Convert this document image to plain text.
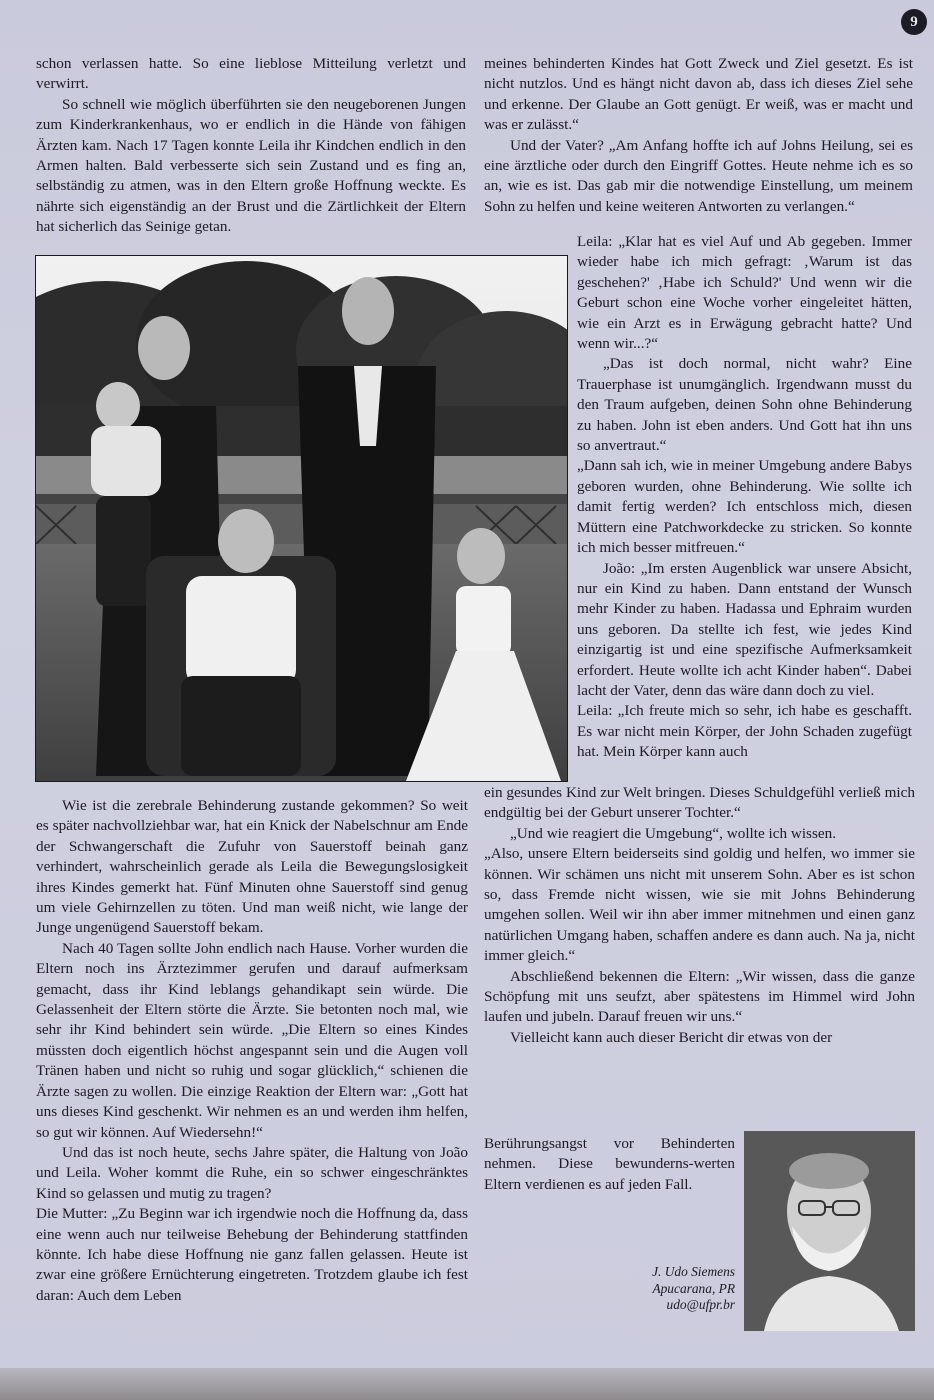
9

schon verlassen hatte. So eine lieblose Mitteilung verletzt und verwirrt.

So schnell wie möglich überführten sie den neugeborenen Jungen zum Kinderkrankenhaus, wo er endlich in die Hände von fähigen Ärzten kam. Nach 17 Tagen konnte Leila ihr Kindchen endlich in den Armen halten. Bald verbesserte sich sein Zustand und es fing an, selbständig zu atmen, was in den Eltern große Hoffnung weckte. Es nährte sich eigenständig an der Brust und die Zärtlichkeit der Eltern hat sicherlich das Seinige getan.

Wie ist die zerebrale Behinderung zustande gekommen? So weit es später nachvollziehbar war, hat ein Knick der Nabelschnur am Ende der Schwangerschaft die Zufuhr von Sauerstoff beinah ganz verhindert, wahrscheinlich gerade als Leila die Bewegungslosigkeit ihres Kindes gemerkt hat. Fünf Minuten ohne Sauerstoff sind genug um viele Gehirnzellen zu töten. Und man weiß nicht, wie lange der Junge ungenügend Sauerstoff bekam.

Nach 40 Tagen sollte John endlich nach Hause. Vorher wurden die Eltern noch ins Ärztezimmer gerufen und darauf aufmerksam gemacht, dass ihr Kind leblangs gehandikapt sein würde. Die Gelassenheit der Eltern störte die Ärzte. Sie betonten noch mal, wie sehr ihr Kind behindert sein würde. „Die Eltern so eines Kindes müssten doch eigentlich höchst angespannt sein und die Augen voll Tränen haben und nicht so ruhig und sogar glücklich,“ schienen die Ärzte sagen zu wollen. Die einzige Reaktion der Eltern war: „Gott hat uns dieses Kind geschenkt. Wir nehmen es an und werden ihm helfen, so gut wir können. Auf Wiedersehn!“

Und das ist noch heute, sechs Jahre später, die Haltung von João und Leila. Woher kommt die Ruhe, ein so schwer eingeschränktes Kind so gelassen und mutig zu tragen?

Die Mutter: „Zu Beginn war ich irgendwie noch die Hoffnung da, dass eine wenn auch nur teilweise Behebung der Behinderung stattfinden könnte. Ich habe diese Hoffnung nie ganz fallen gelassen. Heute ist zwar eine größere Ernüchterung eingetreten. Trotzdem glaube ich fest daran: Auch dem Leben

meines behinderten Kindes hat Gott Zweck und Ziel gesetzt. Es ist nicht nutzlos. Und es hängt nicht davon ab, dass ich dieses Ziel sehe und erkenne. Der Glaube an Gott genügt. Er weiß, was er macht und was er zulässt.“

Und der Vater? „Am Anfang hoffte ich auf Johns Heilung, sei es eine ärztliche oder durch den Eingriff Gottes. Heute nehme ich es so an, wie es ist. Das gab mir die notwendige Einstellung, um meinem Sohn zu helfen und keine weiteren Antworten zu verlangen.“

Leila: „Klar hat es viel Auf und Ab gegeben. Immer wieder habe ich mich gefragt: ‚Warum ist das geschehen?' ‚Habe ich Schuld?' Und wenn wir die Geburt schon eine Woche vorher eingeleitet hätten, wie ein Arzt es in Erwägung gebracht hatte? Und wenn wir...?“

„Das ist doch normal, nicht wahr? Eine Trauerphase ist unumgänglich. Irgendwann musst du den Traum aufgeben, deinen Sohn ohne Behinderung zu haben. John ist eben anders. Und Gott hat ihn uns so anvertraut.“

„Dann sah ich, wie in meiner Umgebung andere Babys geboren wurden, ohne Behinderung. Wie sollte ich damit fertig werden? Ich entschloss mich, diesen Müttern eine Patchworkdecke zu stricken. So konnte ich mich besser mitfreuen.“

João: „Im ersten Augenblick war unsere Absicht, nur ein Kind zu haben. Dann entstand der Wunsch mehr Kinder zu haben. Hadassa und Ephraim wurden uns geboren. Da stellte ich fest, wie jedes Kind einzigartig ist und eine spezifische Aufmerksamkeit erfordert. Heute wollte ich acht Kinder haben“. Dabei lacht der Vater, denn das wäre dann doch zu viel.

Leila: „Ich freute mich so sehr, ich habe es geschafft. Es war nicht mein Körper, der John Schaden zugefügt hat. Mein Körper kann auch

ein gesundes Kind zur Welt bringen. Dieses Schuldgefühl verließ mich endgültig bei der Geburt unserer Tochter.“

„Und wie reagiert die Umgebung“, wollte ich wissen.

„Also, unsere Eltern beiderseits sind goldig und helfen, wo immer sie können. Wir schämen uns nicht mit unserem Sohn. Aber es ist schon so, dass Fremde nicht wissen, wie sie mit Johns Behinderung umgehen sollen. Weil wir ihn aber immer mitnehmen und einen ganz natürlichen Umgang haben, schaffen andere es dann auch. Na ja, nicht immer gleich.“

Abschließend bekennen die Eltern: „Wir wissen, dass die ganze Schöpfung mit uns seufzt, aber spätestens im Himmel wird John laufen und jubeln. Darauf freuen wir uns.“

Vielleicht kann auch dieser Bericht dir etwas von der

Berührungsangst vor Behinderten nehmen. Diese bewunderns-werten Eltern verdienen es auf jeden Fall.

J. Udo Siemens
Apucarana, PR
udo@ufpr.br
